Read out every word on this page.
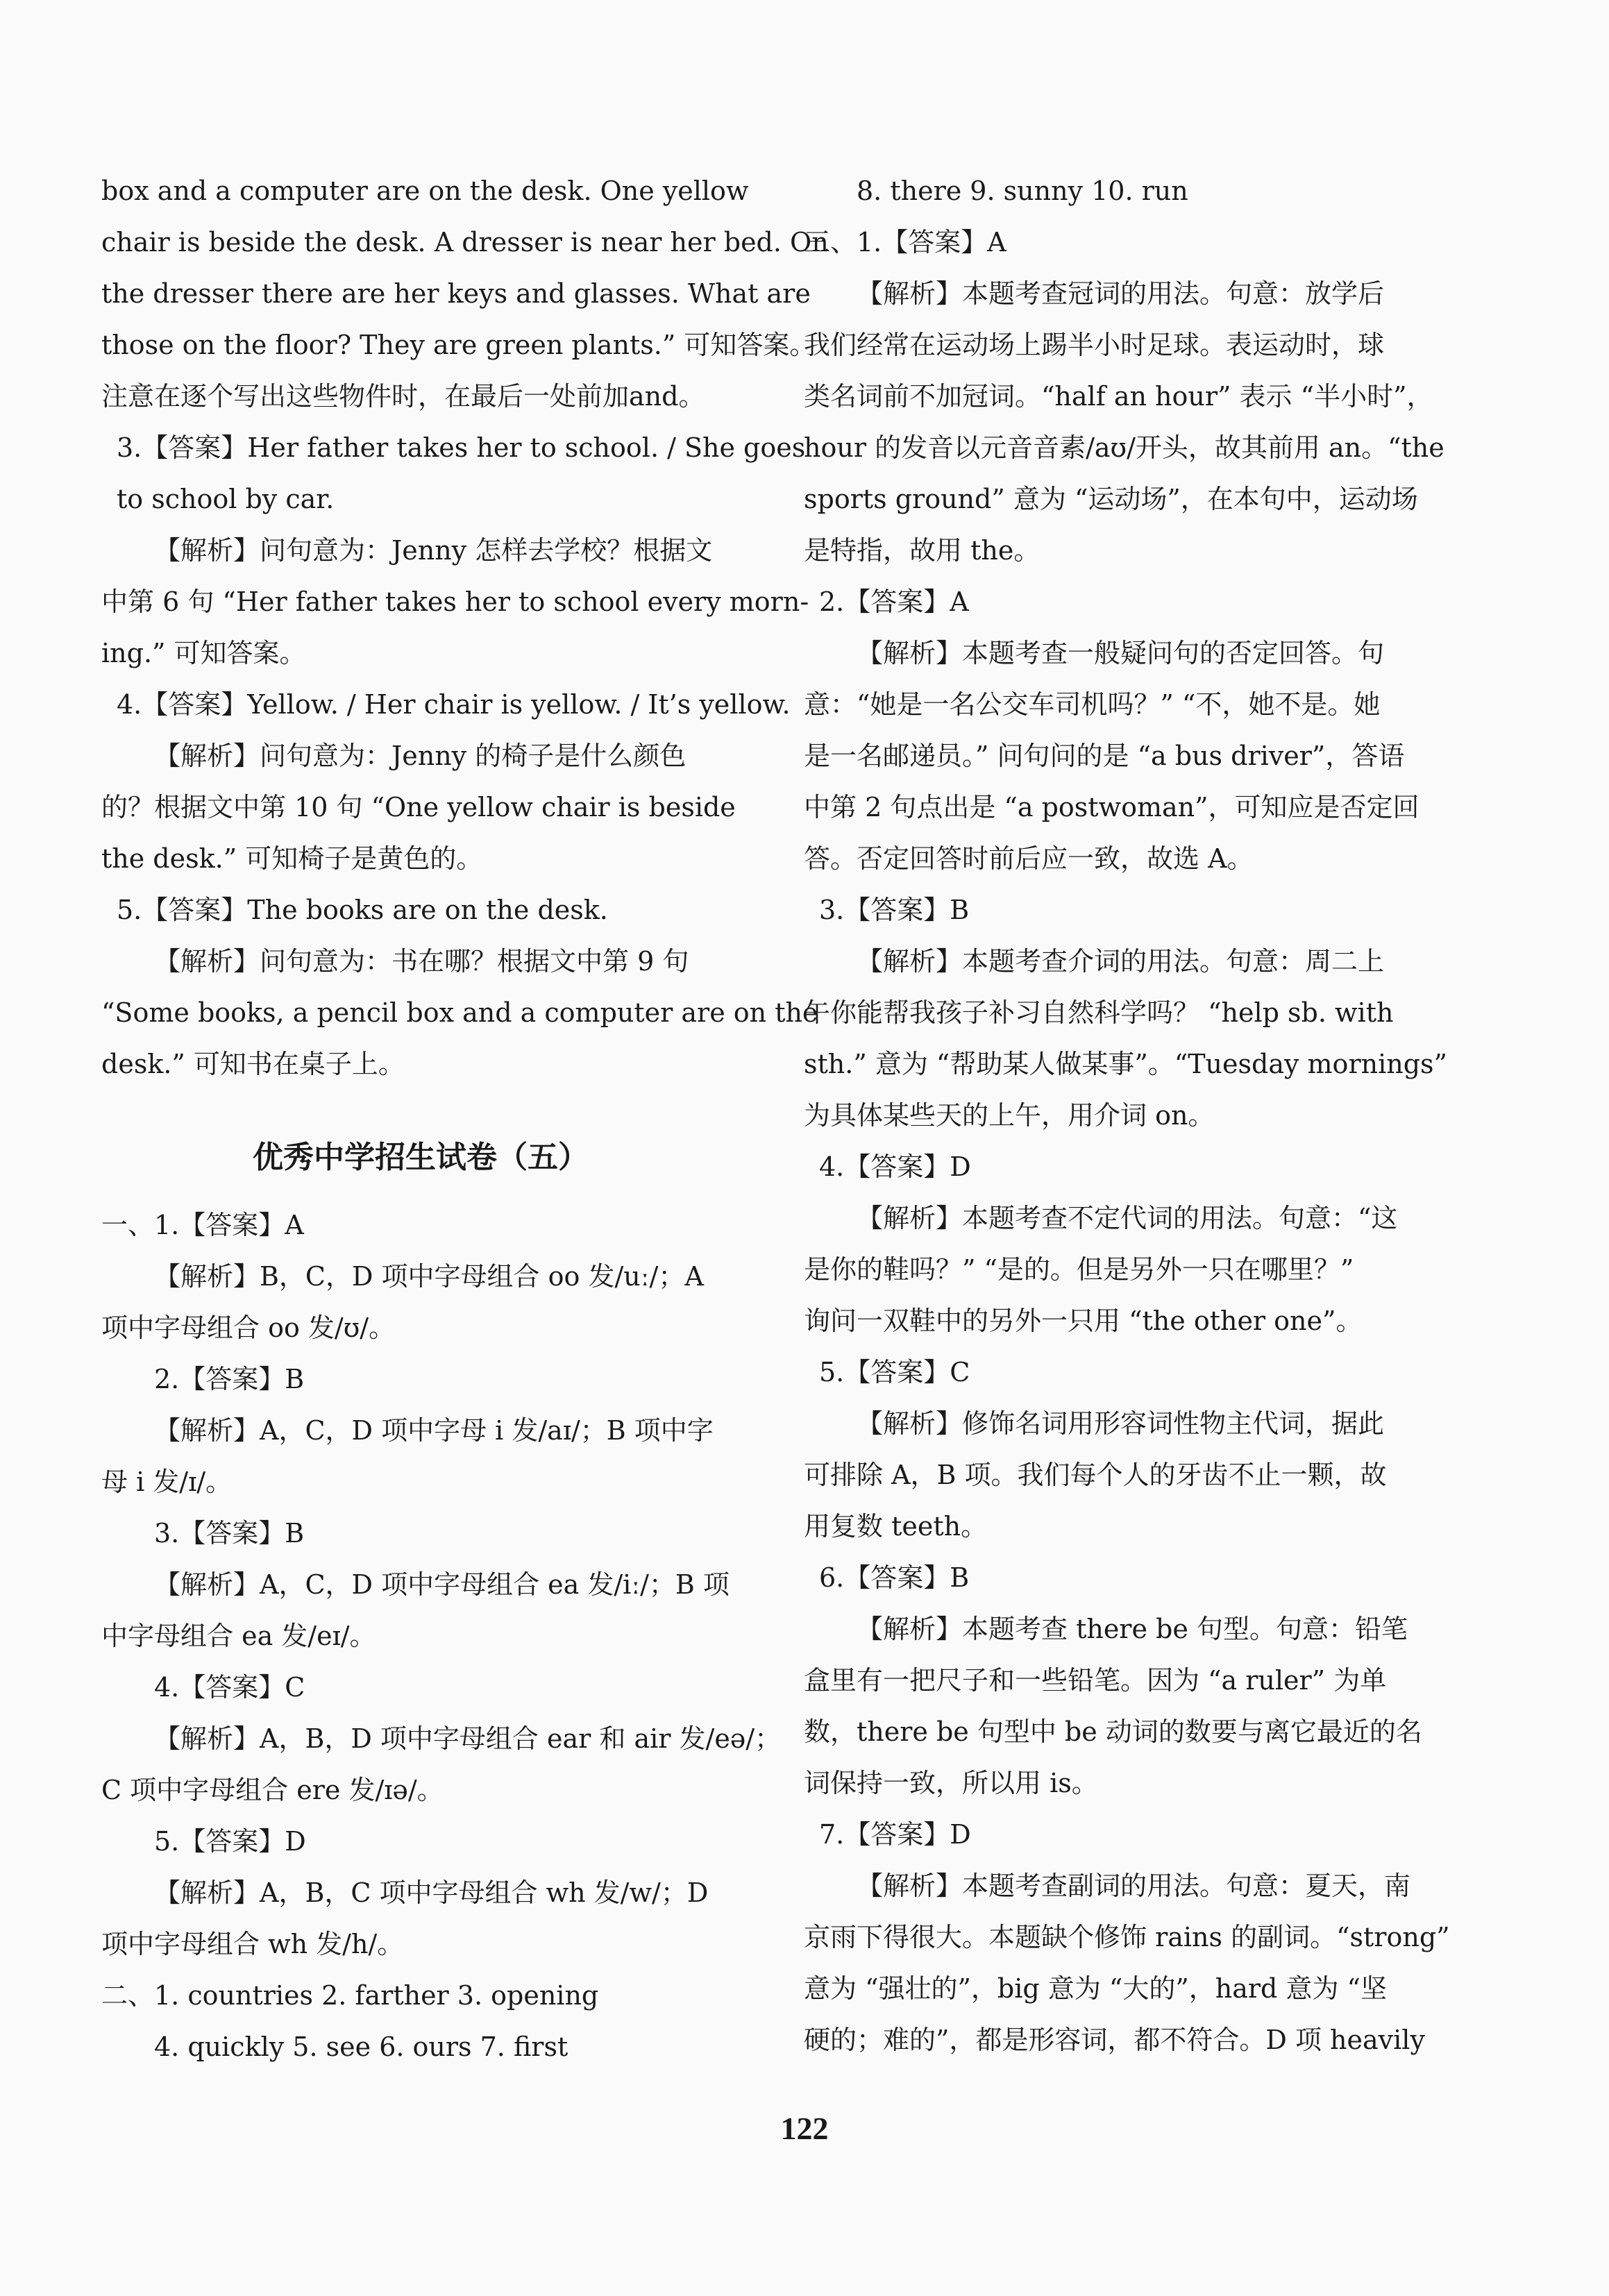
box and a computer are on the desk. One yellow
chair is beside the desk. A dresser is near her bed. On
the dresser there are her keys and glasses. What are
those on the floor? They are green plants.” 可知答案。
注意在逐个写出这些物件时，在最后一处前加and。
3.【答案】Her father takes her to school. / She goes
to school by car.
【解析】问句意为：Jenny 怎样去学校？根据文
中第 6 句 “Her father takes her to school every morn-
ing.” 可知答案。
4.【答案】Yellow. / Her chair is yellow. / It’s yellow.
【解析】问句意为：Jenny 的椅子是什么颜色
的？根据文中第 10 句 “One yellow chair is beside
the desk.” 可知椅子是黄色的。
5.【答案】The books are on the desk.
【解析】问句意为：书在哪？根据文中第 9 句
“Some books, a pencil box and a computer are on the
desk.” 可知书在桌子上。
优秀中学招生试卷（五）
一、1.【答案】A
【解析】B，C，D 项中字母组合 oo 发/uː/；A
项中字母组合 oo 发/ʊ/。
2.【答案】B
【解析】A，C，D 项中字母 i 发/aɪ/；B 项中字
母 i 发/ɪ/。
3.【答案】B
【解析】A，C，D 项中字母组合 ea 发/iː/；B 项
中字母组合 ea 发/eɪ/。
4.【答案】C
【解析】A，B，D 项中字母组合 ear 和 air 发/eə/；
C 项中字母组合 ere 发/ɪə/。
5.【答案】D
【解析】A，B，C 项中字母组合 wh 发/w/；D
项中字母组合 wh 发/h/。
二、1. countries 2. farther 3. opening
4. quickly 5. see 6. ours 7. first
8. there 9. sunny 10. run
三、1.【答案】A
【解析】本题考查冠词的用法。句意：放学后
我们经常在运动场上踢半小时足球。表运动时，球
类名词前不加冠词。“half an hour” 表示 “半小时”，
hour 的发音以元音音素/aʊ/开头，故其前用 an。“the
sports ground” 意为 “运动场”，在本句中，运动场
是特指，故用 the。
2.【答案】A
【解析】本题考查一般疑问句的否定回答。句
意：“她是一名公交车司机吗？” “不，她不是。她
是一名邮递员。” 问句问的是 “a bus driver”，答语
中第 2 句点出是 “a postwoman”，可知应是否定回
答。否定回答时前后应一致，故选 A。
3.【答案】B
【解析】本题考查介词的用法。句意：周二上
午你能帮我孩子补习自然科学吗？ “help sb. with
sth.” 意为 “帮助某人做某事”。“Tuesday mornings”
为具体某些天的上午，用介词 on。
4.【答案】D
【解析】本题考查不定代词的用法。句意：“这
是你的鞋吗？” “是的。但是另外一只在哪里？”
询问一双鞋中的另外一只用 “the other one”。
5.【答案】C
【解析】修饰名词用形容词性物主代词，据此
可排除 A，B 项。我们每个人的牙齿不止一颗，故
用复数 teeth。
6.【答案】B
【解析】本题考查 there be 句型。句意：铅笔
盒里有一把尺子和一些铅笔。因为 “a ruler” 为单
数，there be 句型中 be 动词的数要与离它最近的名
词保持一致，所以用 is。
7.【答案】D
【解析】本题考查副词的用法。句意：夏天，南
京雨下得很大。本题缺个修饰 rains 的副词。“strong”
意为 “强壮的”，big 意为 “大的”，hard 意为 “坚
硬的；难的”，都是形容词，都不符合。D 项 heavily
122
